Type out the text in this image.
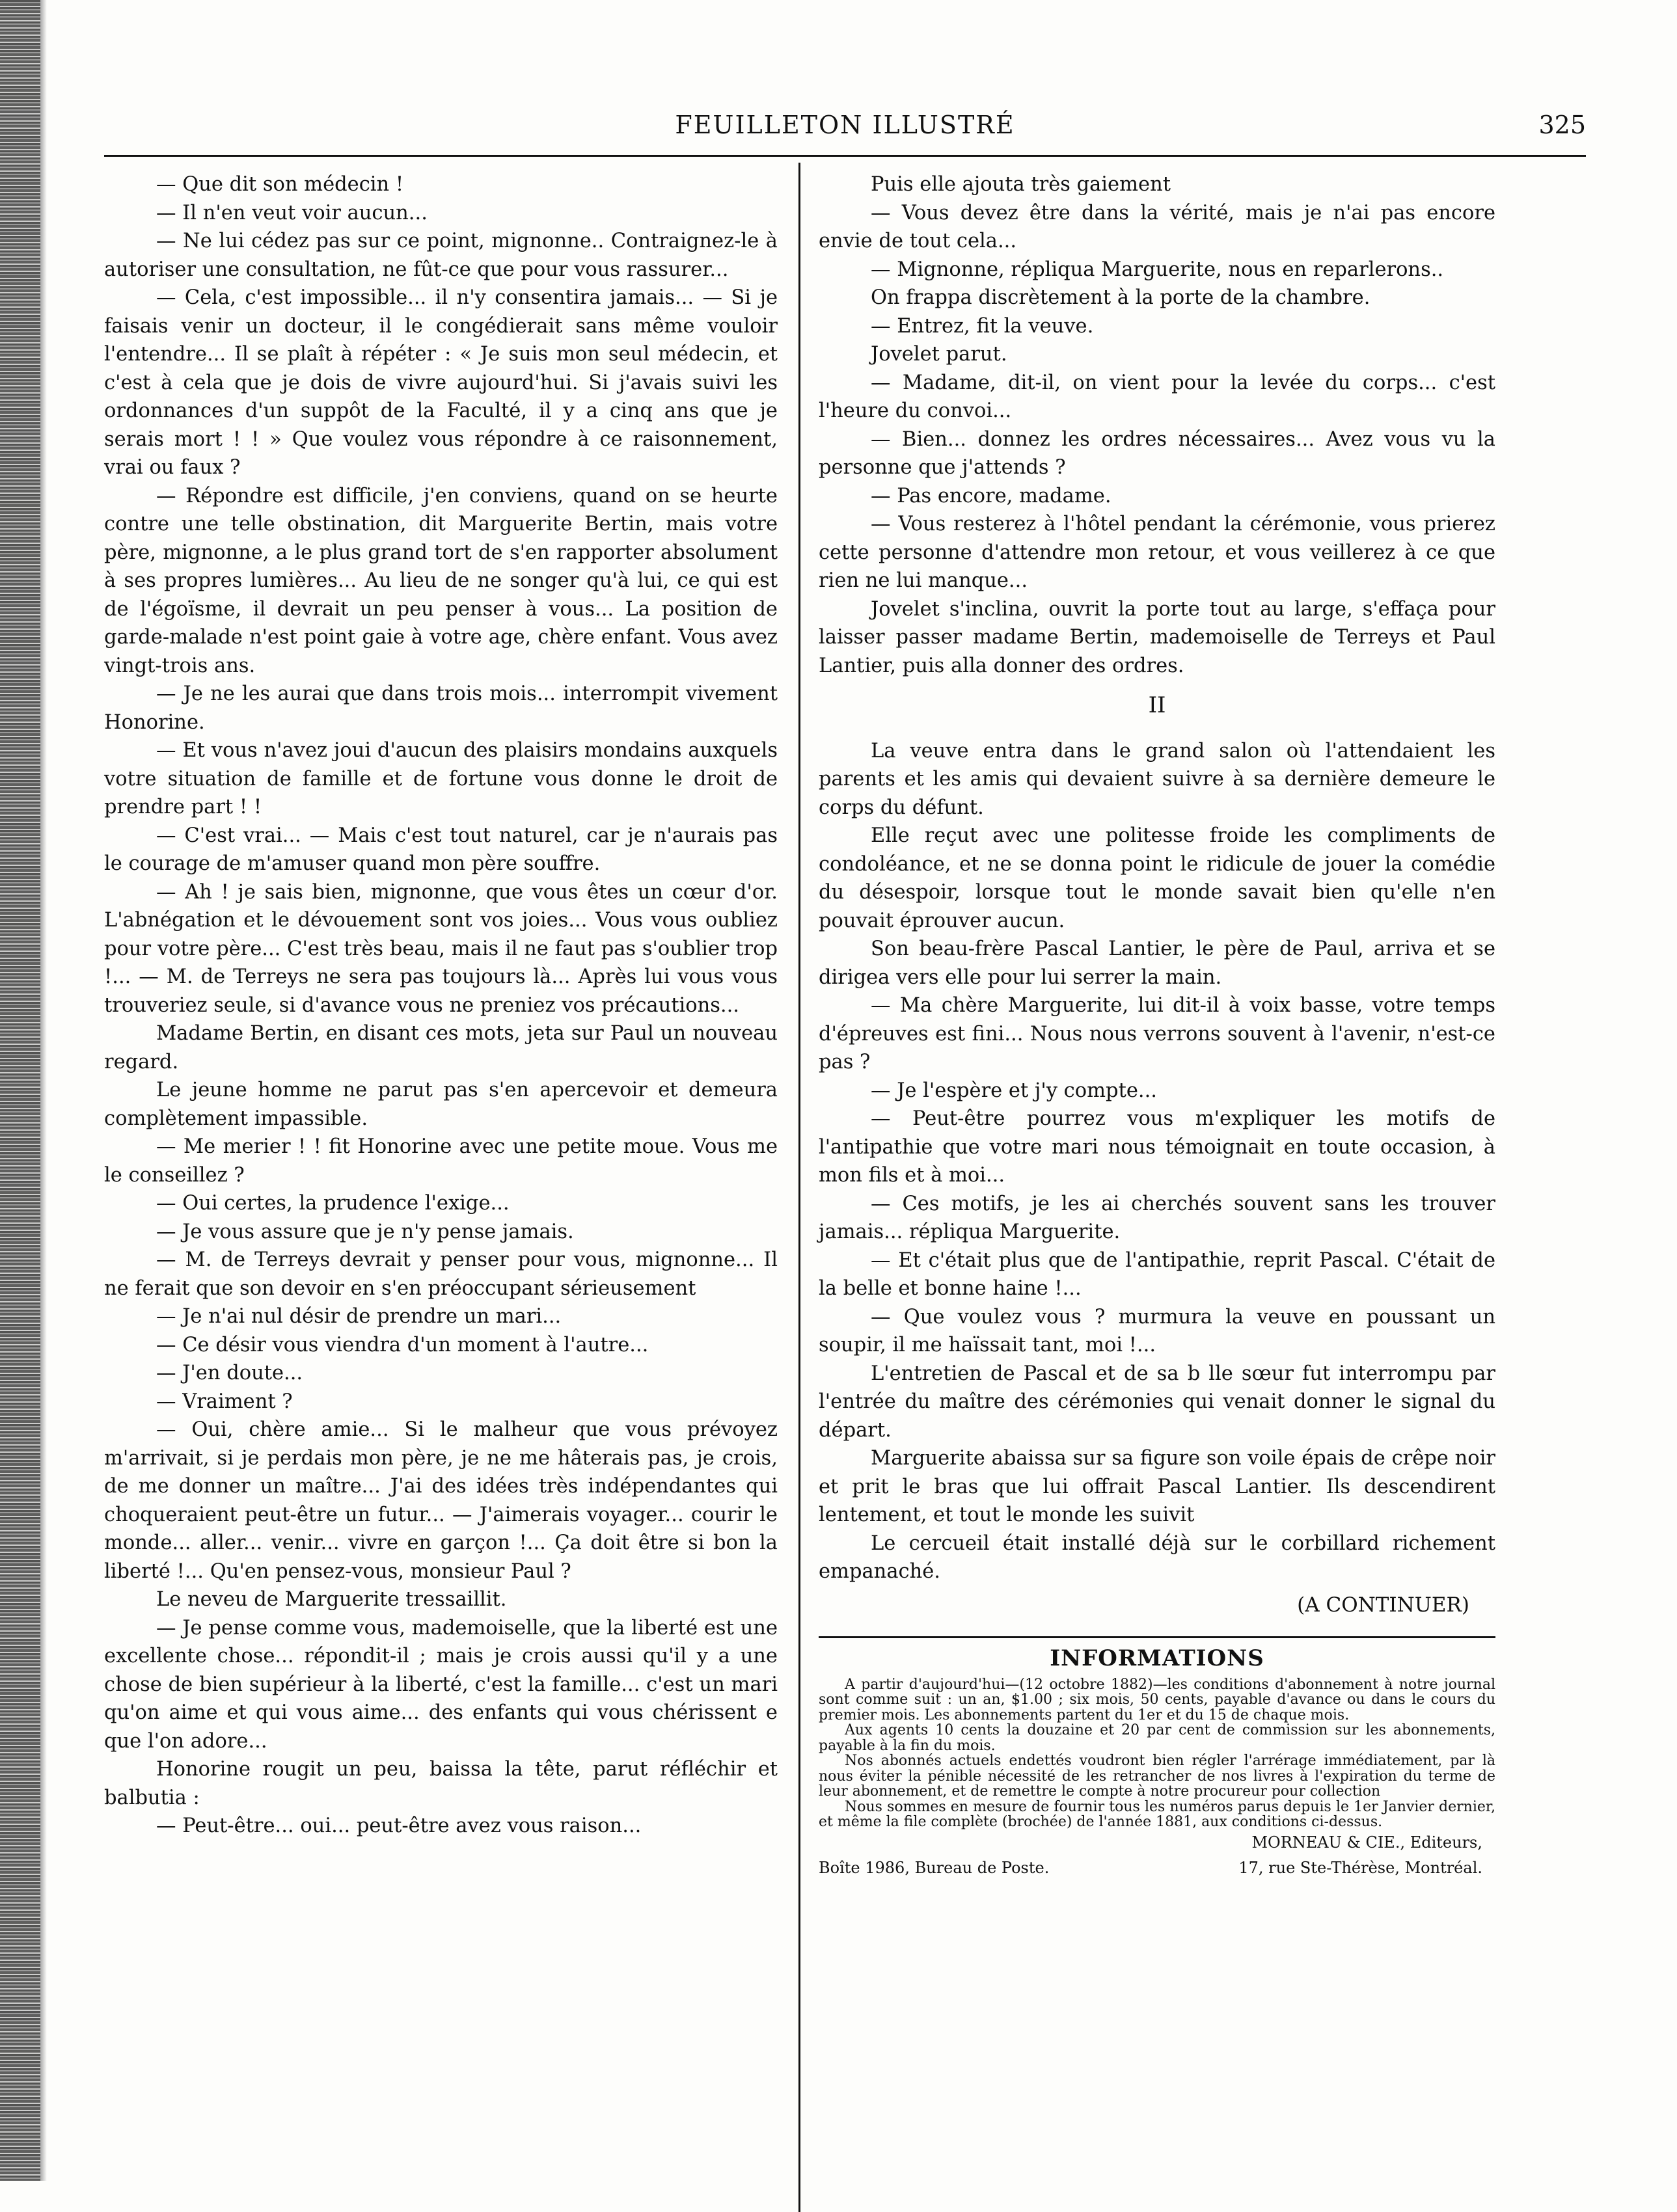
FEUILLETON ILLUSTRÉ	325

— Que dit son médecin !

— Il n'en veut voir aucun...

— Ne lui cédez pas sur ce point, mignonne.. Contraignez-le à autoriser une consultation, ne fût-ce que pour vous rassurer...

— Cela, c'est impossible... il n'y consentira jamais... — Si je faisais venir un docteur, il le congédierait sans même vouloir l'entendre... Il se plaît à répéter : « Je suis mon seul médecin, et c'est à cela que je dois de vivre aujourd'hui. Si j'avais suivi les ordonnances d'un suppôt de la Faculté, il y a cinq ans que je serais mort ! ! » Que voulez vous répondre à ce raisonnement, vrai ou faux ?

— Répondre est difficile, j'en conviens, quand on se heurte contre une telle obstination, dit Marguerite Bertin, mais votre père, mignonne, a le plus grand tort de s'en rapporter absolument à ses propres lumières... Au lieu de ne songer qu'à lui, ce qui est de l'égoïsme, il devrait un peu penser à vous... La position de garde-malade n'est point gaie à votre age, chère enfant. Vous avez vingt-trois ans.

— Je ne les aurai que dans trois mois... interrompit vivement Honorine.

— Et vous n'avez joui d'aucun des plaisirs mondains auxquels votre situation de famille et de fortune vous donne le droit de prendre part ! !

— C'est vrai... — Mais c'est tout naturel, car je n'aurais pas le courage de m'amuser quand mon père souffre.

— Ah ! je sais bien, mignonne, que vous êtes un cœur d'or. L'abnégation et le dévouement sont vos joies... Vous vous oubliez pour votre père... C'est très beau, mais il ne faut pas s'oublier trop !... — M. de Terreys ne sera pas toujours là... Après lui vous vous trouveriez seule, si d'avance vous ne preniez vos précautions...

Madame Bertin, en disant ces mots, jeta sur Paul un nouveau regard.

Le jeune homme ne parut pas s'en apercevoir et demeura complètement impassible.

— Me merier ! ! fit Honorine avec une petite moue. Vous me le conseillez ?

— Oui certes, la prudence l'exige...

— Je vous assure que je n'y pense jamais.

— M. de Terreys devrait y penser pour vous, mignonne... Il ne ferait que son devoir en s'en préoccupant sérieusement

— Je n'ai nul désir de prendre un mari...

— Ce désir vous viendra d'un moment à l'autre...

— J'en doute...

— Vraiment ?

— Oui, chère amie... Si le malheur que vous prévoyez m'arrivait, si je perdais mon père, je ne me hâterais pas, je crois, de me donner un maître... J'ai des idées très indépendantes qui choqueraient peut-être un futur... — J'aimerais voyager... courir le monde... aller... venir... vivre en garçon !... Ça doit être si bon la liberté !... Qu'en pensez-vous, monsieur Paul ?

Le neveu de Marguerite tressaillit.

— Je pense comme vous, mademoiselle, que la liberté est une excellente chose... répondit-il ; mais je crois aussi qu'il y a une chose de bien supérieur à la liberté, c'est la famille... c'est un mari qu'on aime et qui vous aime... des enfants qui vous chérissent e que l'on adore...

Honorine rougit un peu, baissa la tête, parut réfléchir et balbutia :

— Peut-être... oui... peut-être avez vous raison...

Puis elle ajouta très gaiement

— Vous devez être dans la vérité, mais je n'ai pas encore envie de tout cela...

— Mignonne, répliqua Marguerite, nous en reparlerons..

On frappa discrètement à la porte de la chambre.

— Entrez, fit la veuve.

Jovelet parut.

— Madame, dit-il, on vient pour la levée du corps... c'est l'heure du convoi...

— Bien... donnez les ordres nécessaires... Avez vous vu la personne que j'attends ?

— Pas encore, madame.

— Vous resterez à l'hôtel pendant la cérémonie, vous prierez cette personne d'attendre mon retour, et vous veillerez à ce que rien ne lui manque...

Jovelet s'inclina, ouvrit la porte tout au large, s'effaça pour laisser passer madame Bertin, mademoiselle de Terreys et Paul Lantier, puis alla donner des ordres.

II

La veuve entra dans le grand salon où l'attendaient les parents et les amis qui devaient suivre à sa dernière demeure le corps du défunt.

Elle reçut avec une politesse froide les compliments de condoléance, et ne se donna point le ridicule de jouer la comédie du désespoir, lorsque tout le monde savait bien qu'elle n'en pouvait éprouver aucun.

Son beau-frère Pascal Lantier, le père de Paul, arriva et se dirigea vers elle pour lui serrer la main.

— Ma chère Marguerite, lui dit-il à voix basse, votre temps d'épreuves est fini... Nous nous verrons souvent à l'avenir, n'est-ce pas ?

— Je l'espère et j'y compte...

— Peut-être pourrez vous m'expliquer les motifs de l'antipathie que votre mari nous témoignait en toute occasion, à mon fils et à moi...

— Ces motifs, je les ai cherchés souvent sans les trouver jamais... répliqua Marguerite.

— Et c'était plus que de l'antipathie, reprit Pascal. C'était de la belle et bonne haine !...

— Que voulez vous ? murmura la veuve en poussant un soupir, il me haïssait tant, moi !...

L'entretien de Pascal et de sa b lle sœur fut interrompu par l'entrée du maître des cérémonies qui venait donner le signal du départ.

Marguerite abaissa sur sa figure son voile épais de crêpe noir et prit le bras que lui offrait Pascal Lantier. Ils descendirent lentement, et tout le monde les suivit

Le cercueil était installé déjà sur le corbillard richement empanaché.

(A CONTINUER)

INFORMATIONS

A partir d'aujourd'hui—(12 octobre 1882)—les conditions d'abonnement à notre journal sont comme suit : un an, $1.00 ; six mois, 50 cents, payable d'avance ou dans le cours du premier mois. Les abonnements partent du 1er et du 15 de chaque mois.

Aux agents 10 cents la douzaine et 20 par cent de commission sur les abonnements, payable à la fin du mois.

Nos abonnés actuels endettés voudront bien régler l'arrérage immédiatement, par là nous éviter la pénible nécessité de les retrancher de nos livres à l'expiration du terme de leur abonnement, et de remettre le compte à notre procureur pour collection

Nous sommes en mesure de fournir tous les numéros parus depuis le 1er Janvier dernier, et même la file complète (brochée) de l'année 1881, aux conditions ci-dessus.

MORNEAU & CIE., Editeurs,

Boîte 1986, Bureau de Poste.	17, rue Ste-Thérèse, Montréal.
